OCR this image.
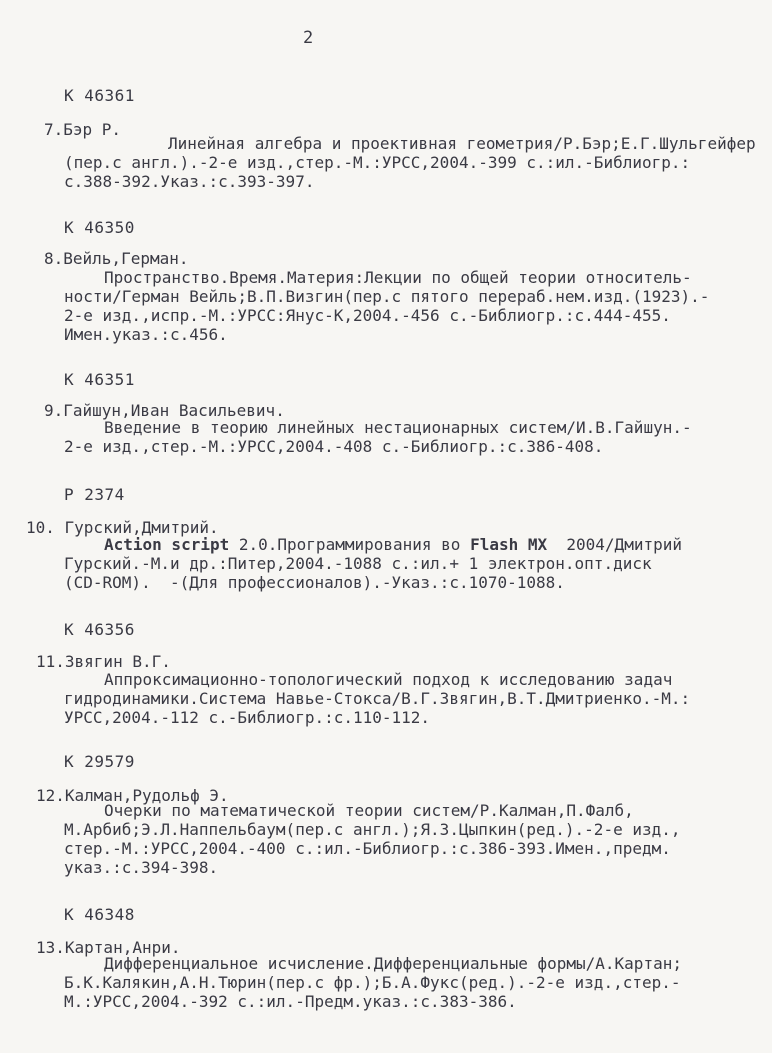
2
К 46361
7.Бэр Р.
Линейная алгебра и проективная геометрия/Р.Бэр;Е.Г.Шульгейфер
(пер.с англ.).-2-е изд.,стер.-М.:УРСС,2004.-399 с.:ил.-Библиогр.:
с.388-392.Указ.:с.393-397.
К 46350
8.Вейль,Герман.
Пространство.Время.Материя:Лекции по общей теории относитель-
ности/Герман Вейль;В.П.Визгин(пер.с пятого перераб.нем.изд.(1923).-
2-е изд.,испр.-М.:УРСС:Янус-К,2004.-456 с.-Библиогр.:с.444-455.
Имен.указ.:с.456.
К 46351
9.Гайшун,Иван Васильевич.
Введение в теорию линейных нестационарных систем/И.В.Гайшун.-
2-е изд.,стер.-М.:УРСС,2004.-408 с.-Библиогр.:с.386-408.
Р 2374
10. Гурский,Дмитрий.
Action script 2.0.Программирования во Flash MX  2004/Дмитрий
Гурский.-М.и др.:Питер,2004.-1088 с.:ил.+ 1 электрон.опт.диск
(CD-ROM).  -(Для профессионалов).-Указ.:с.1070-1088.
К 46356
11.Звягин В.Г.
Аппроксимационно-топологический подход к исследованию задач
гидродинамики.Система Навье-Стокса/В.Г.Звягин,В.Т.Дмитриенко.-М.:
УРСС,2004.-112 с.-Библиогр.:с.110-112.
К 29579
12.Калман,Рудольф Э.
Очерки по математической теории систем/Р.Калман,П.Фалб,
М.Арбиб;Э.Л.Наппельбаум(пер.с англ.);Я.З.Цыпкин(ред.).-2-е изд.,
стер.-М.:УРСС,2004.-400 с.:ил.-Библиогр.:с.386-393.Имен.,предм.
указ.:с.394-398.
К 46348
13.Картан,Анри.
Дифференциальное исчисление.Дифференциальные формы/А.Картан;
Б.К.Калякин,А.Н.Тюрин(пер.с фр.);Б.А.Фукс(ред.).-2-е изд.,стер.-
М.:УРСС,2004.-392 с.:ил.-Предм.указ.:с.383-386.
